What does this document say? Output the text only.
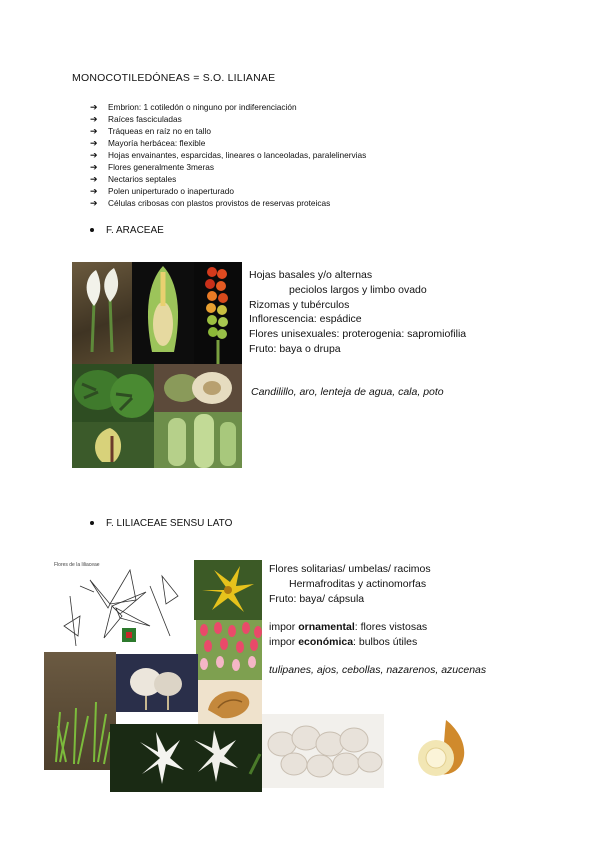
MONOCOTILEDÓNEAS = S.O. LILIANAE
➔	Embrion: 1 cotiledón o ninguno por indiferenciación
➔	Raíces fasciculadas
➔	Tráqueas en raíz no en tallo
➔	Mayoría herbácea: flexible
➔	Hojas envainantes, esparcidas, lineares o lanceoladas, paralelinervias
➔	Flores generalmente 3meras
➔	Nectarios septales
➔	Polen uniperturado o inaperturado
➔	Células cribosas con plastos provistos de reservas proteicas
F. ARACEAE
Hojas basales y/o alternas
peciolos largos y limbo ovado
Rizomas y tubérculos
Inflorescencia: espádice
Flores unisexuales: proterogenia: sapromiofilia
Fruto: baya o drupa
Candilillo, aro, lenteja de agua, cala, poto
F. LILIACEAE SENSU LATO
Flores de la liliaceae	Flores solitarias/ umbelas/ racimos
Hermafroditas y actinomorfas
Fruto: baya/ cápsula
impor ornamental: flores vistosas
impor económica: bulbos útiles
tulipanes, ajos, cebollas, nazarenos, azucenas
